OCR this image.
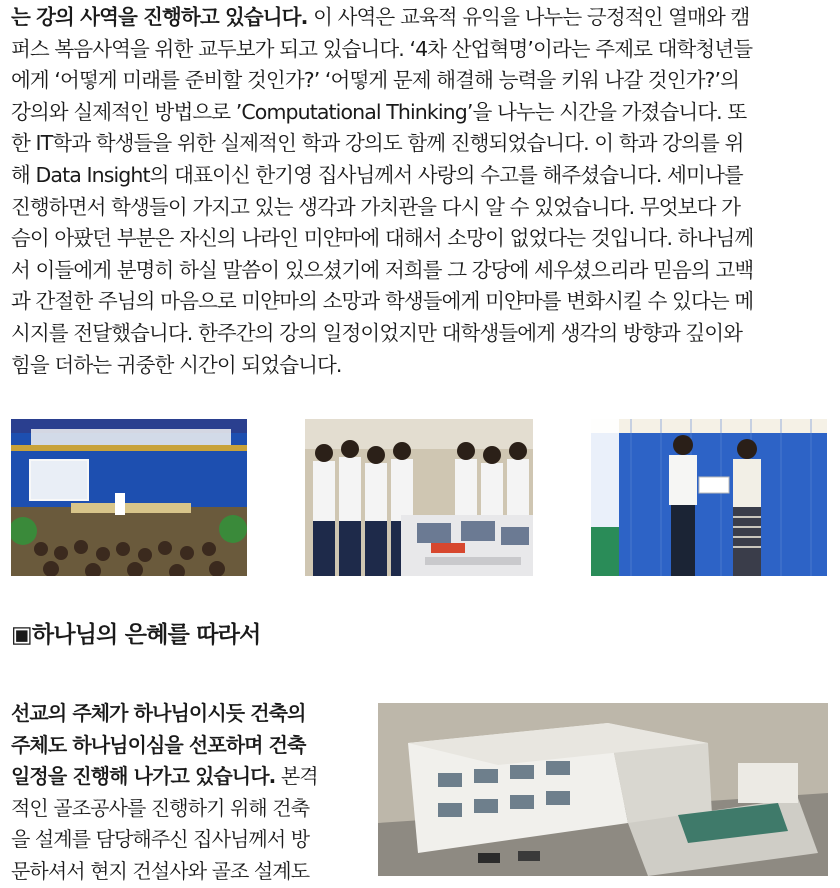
는 강의 사역을 진행하고 있습니다. 이 사역은 교육적 유익을 나누는 긍정적인 열매와 캠
퍼스 복음사역을 위한 교두보가 되고 있습니다. ‘4차 산업혁명’이라는 주제로 대학청년들
에게 ‘어떻게 미래를 준비할 것인가?’ ‘어떻게 문제 해결해 능력을 키워 나갈 것인가?’의
강의와 실제적인 방법으로 ’Computational Thinking’을 나누는 시간을 가졌습니다. 또
한 IT학과 학생들을 위한 실제적인 학과 강의도 함께 진행되었습니다. 이 학과 강의를 위
해 Data Insight의 대표이신 한기영 집사님께서 사랑의 수고를 해주셨습니다. 세미나를
진행하면서 학생들이 가지고 있는 생각과 가치관을 다시 알 수 있었습니다. 무엇보다 가
슴이 아팠던 부분은 자신의 나라인 미얀마에 대해서 소망이 없었다는 것입니다. 하나님께
서 이들에게 분명히 하실 말씀이 있으셨기에 저희를 그 강당에 세우셨으리라 믿음의 고백
과 간절한 주님의 마음으로 미얀마의 소망과 학생들에게 미얀마를 변화시킬 수 있다는 메
시지를 전달했습니다. 한주간의 강의 일정이었지만 대학생들에게 생각의 방향과 깊이와
힘을 더하는 귀중한 시간이 되었습니다.
▣하나님의 은혜를 따라서
선교의 주체가 하나님이시듯 건축의
주체도 하나님이심을 선포하며 건축
일정을 진행해 나가고 있습니다. 본격
적인 골조공사를 진행하기 위해 건축
을 설계를 담당해주신 집사님께서 방
문하셔서 현지 건설사와 골조 설계도
